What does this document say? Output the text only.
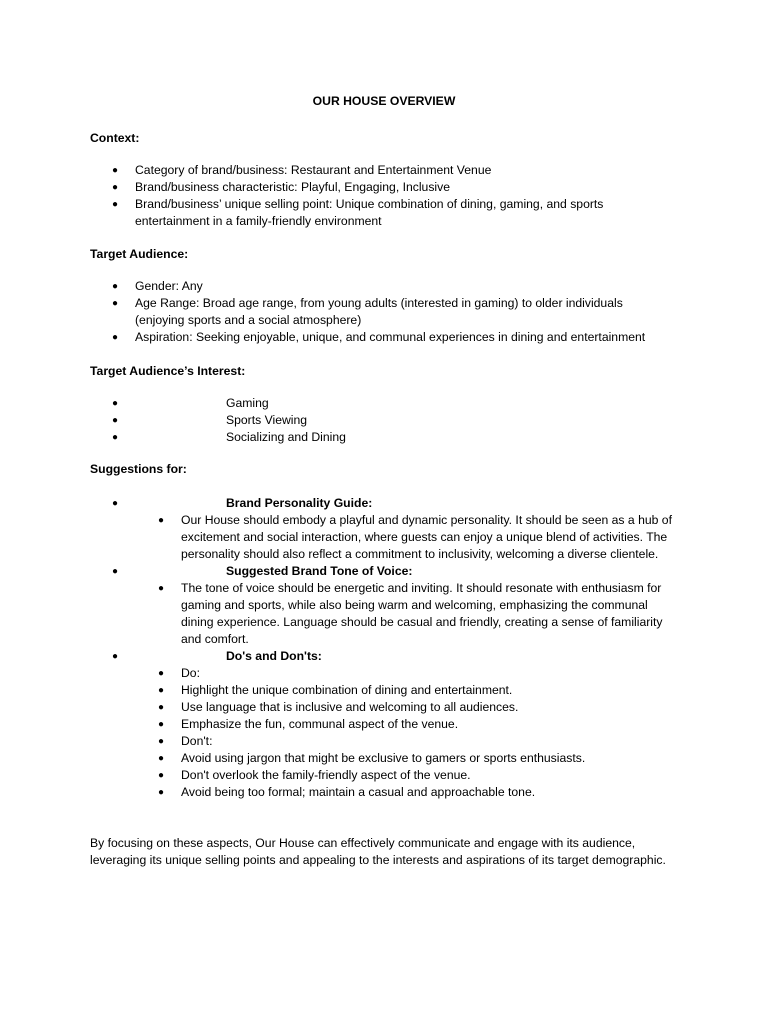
OUR HOUSE OVERVIEW
Context:
● Category of brand/business: Restaurant and Entertainment Venue
● Brand/business characteristic: Playful, Engaging, Inclusive
● Brand/business’ unique selling point: Unique combination of dining, gaming, and sports entertainment in a family-friendly environment
Target Audience:
● Gender: Any
● Age Range: Broad age range, from young adults (interested in gaming) to older individuals (enjoying sports and a social atmosphere)
● Aspiration: Seeking enjoyable, unique, and communal experiences in dining and entertainment
Target Audience’s Interest:
●	Gaming
●	Sports Viewing
●	Socializing and Dining
Suggestions for:
●	Brand Personality Guide:
● Our House should embody a playful and dynamic personality. It should be seen as a hub of excitement and social interaction, where guests can enjoy a unique blend of activities. The personality should also reflect a commitment to inclusivity, welcoming a diverse clientele.
●	Suggested Brand Tone of Voice:
● The tone of voice should be energetic and inviting. It should resonate with enthusiasm for gaming and sports, while also being warm and welcoming, emphasizing the communal dining experience. Language should be casual and friendly, creating a sense of familiarity and comfort.
●	Do's and Don'ts:
● Do:
● Highlight the unique combination of dining and entertainment.
● Use language that is inclusive and welcoming to all audiences.
● Emphasize the fun, communal aspect of the venue.
● Don't:
● Avoid using jargon that might be exclusive to gamers or sports enthusiasts.
● Don't overlook the family-friendly aspect of the venue.
● Avoid being too formal; maintain a casual and approachable tone.
By focusing on these aspects, Our House can effectively communicate and engage with its audience, leveraging its unique selling points and appealing to the interests and aspirations of its target demographic.
